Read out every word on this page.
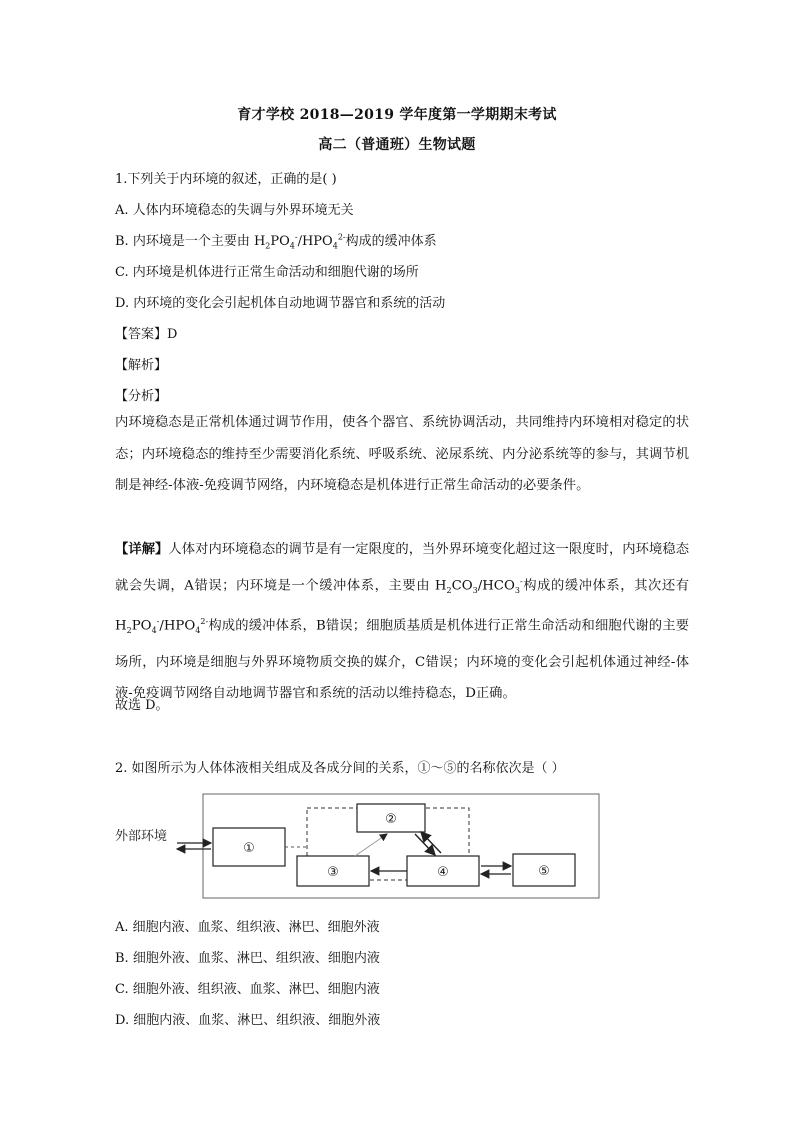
育才学校 2018—2019 学年度第一学期期末考试
高二（普通班）生物试题
1.下列关于内环境的叙述，正确的是( )
A. 人体内环境稳态的失调与外界环境无关
B. 内环境是一个主要由 $H_2PO_4^-/HPO_4^{2-}$构成的缓冲体系
C. 内环境是机体进行正常生命活动和细胞代谢的场所
D. 内环境的变化会引起机体自动地调节器官和系统的活动
【答案】D
【解析】
【分析】

内环境稳态是正常机体通过调节作用，使各个器官、系统协调活动，共同维持内环境相对稳定的状态；内环境稳态的维持至少需要消化系统、呼吸系统、泌尿系统、内分泌系统等的参与，其调节机制是神经-体液-免疫调节网络，内环境稳态是机体进行正常生命活动的必要条件。

【详解】人体对内环境稳态的调节是有一定限度的，当外界环境变化超过这一限度时，内环境稳态就会失调，A错误；内环境是一个缓冲体系，主要由 $H_2CO_3/HCO_3^-$构成的缓冲体系，其次还有 $H_2PO_4^-/HPO_4^{2-}$构成的缓冲体系，B错误；细胞质基质是机体进行正常生命活动和细胞代谢的主要场所，内环境是细胞与外界环境物质交换的媒介，C错误；内环境的变化会引起机体通过神经-体液-免疫调节网络自动地调节器官和系统的活动以维持稳态，D正确。

故选 D。
2. 如图所示为人体体液相关组成及各成分间的关系，①～⑤的名称依次是（ ）
外部环境
①
②
③	④	⑤
A. 细胞内液、血浆、组织液、淋巴、细胞外液
B. 细胞外液、血浆、淋巴、组织液、细胞内液
C. 细胞外液、组织液、血浆、淋巴、细胞内液
D. 细胞内液、血浆、淋巴、组织液、细胞外液
